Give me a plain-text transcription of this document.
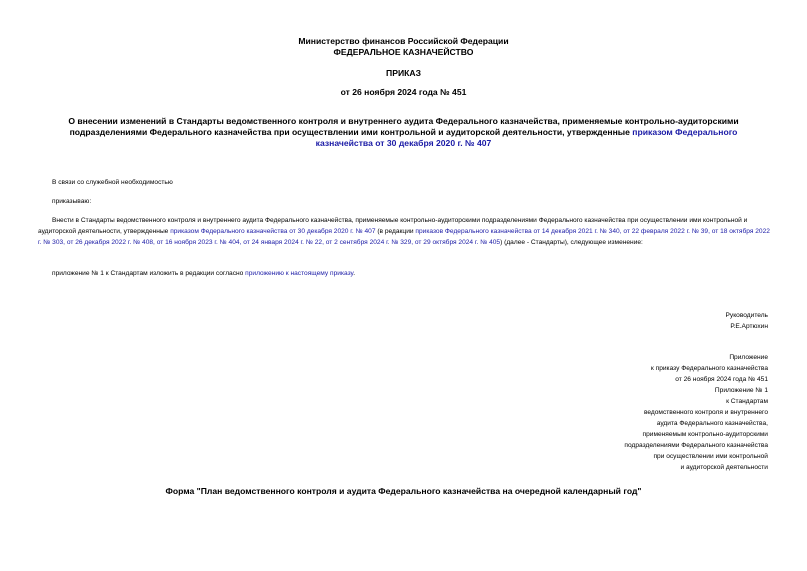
Министерство финансов Российской Федерации
ФЕДЕРАЛЬНОЕ КАЗНАЧЕЙСТВО
ПРИКАЗ
от 26 ноября 2024 года № 451
О внесении изменений в Стандарты ведомственного контроля и внутреннего аудита Федерального казначейства, применяемые контрольно-аудиторскими подразделениями Федерального казначейства при осуществлении ими контрольной и аудиторской деятельности, утвержденные приказом Федерального казначейства от 30 декабря 2020 г. № 407
В связи со служебной необходимостью
приказываю:
Внести в Стандарты ведомственного контроля и внутреннего аудита Федерального казначейства, применяемые контрольно-аудиторскими подразделениями Федерального казначейства при осуществлении ими контрольной и аудиторской деятельности, утвержденные приказом Федерального казначейства от 30 декабря 2020 г. № 407 (в редакции приказов Федерального казначейства от 14 декабря 2021 г. № 340, от 22 февраля 2022 г. № 39, от 18 октября 2022 г. № 303, от 26 декабря 2022 г. № 408, от 16 ноября 2023 г. № 404, от 24 января 2024 г. № 22, от 2 сентября 2024 г. № 329, от 29 октября 2024 г. № 405) (далее - Стандарты), следующее изменение:
приложение № 1 к Стандартам изложить в редакции согласно приложению к настоящему приказу.
Руководитель
Р.Е.Артюхин
Приложение
к приказу Федерального казначейства
от 26 ноября 2024 года № 451
Приложение № 1
к Стандартам
ведомственного контроля и внутреннего
аудита Федерального казначейства,
применяемым контрольно-аудиторскими
подразделениями Федерального казначейства
при осуществлении ими контрольной
и аудиторской деятельности
Форма "План ведомственного контроля и аудита Федерального казначейства на очередной календарный год"
